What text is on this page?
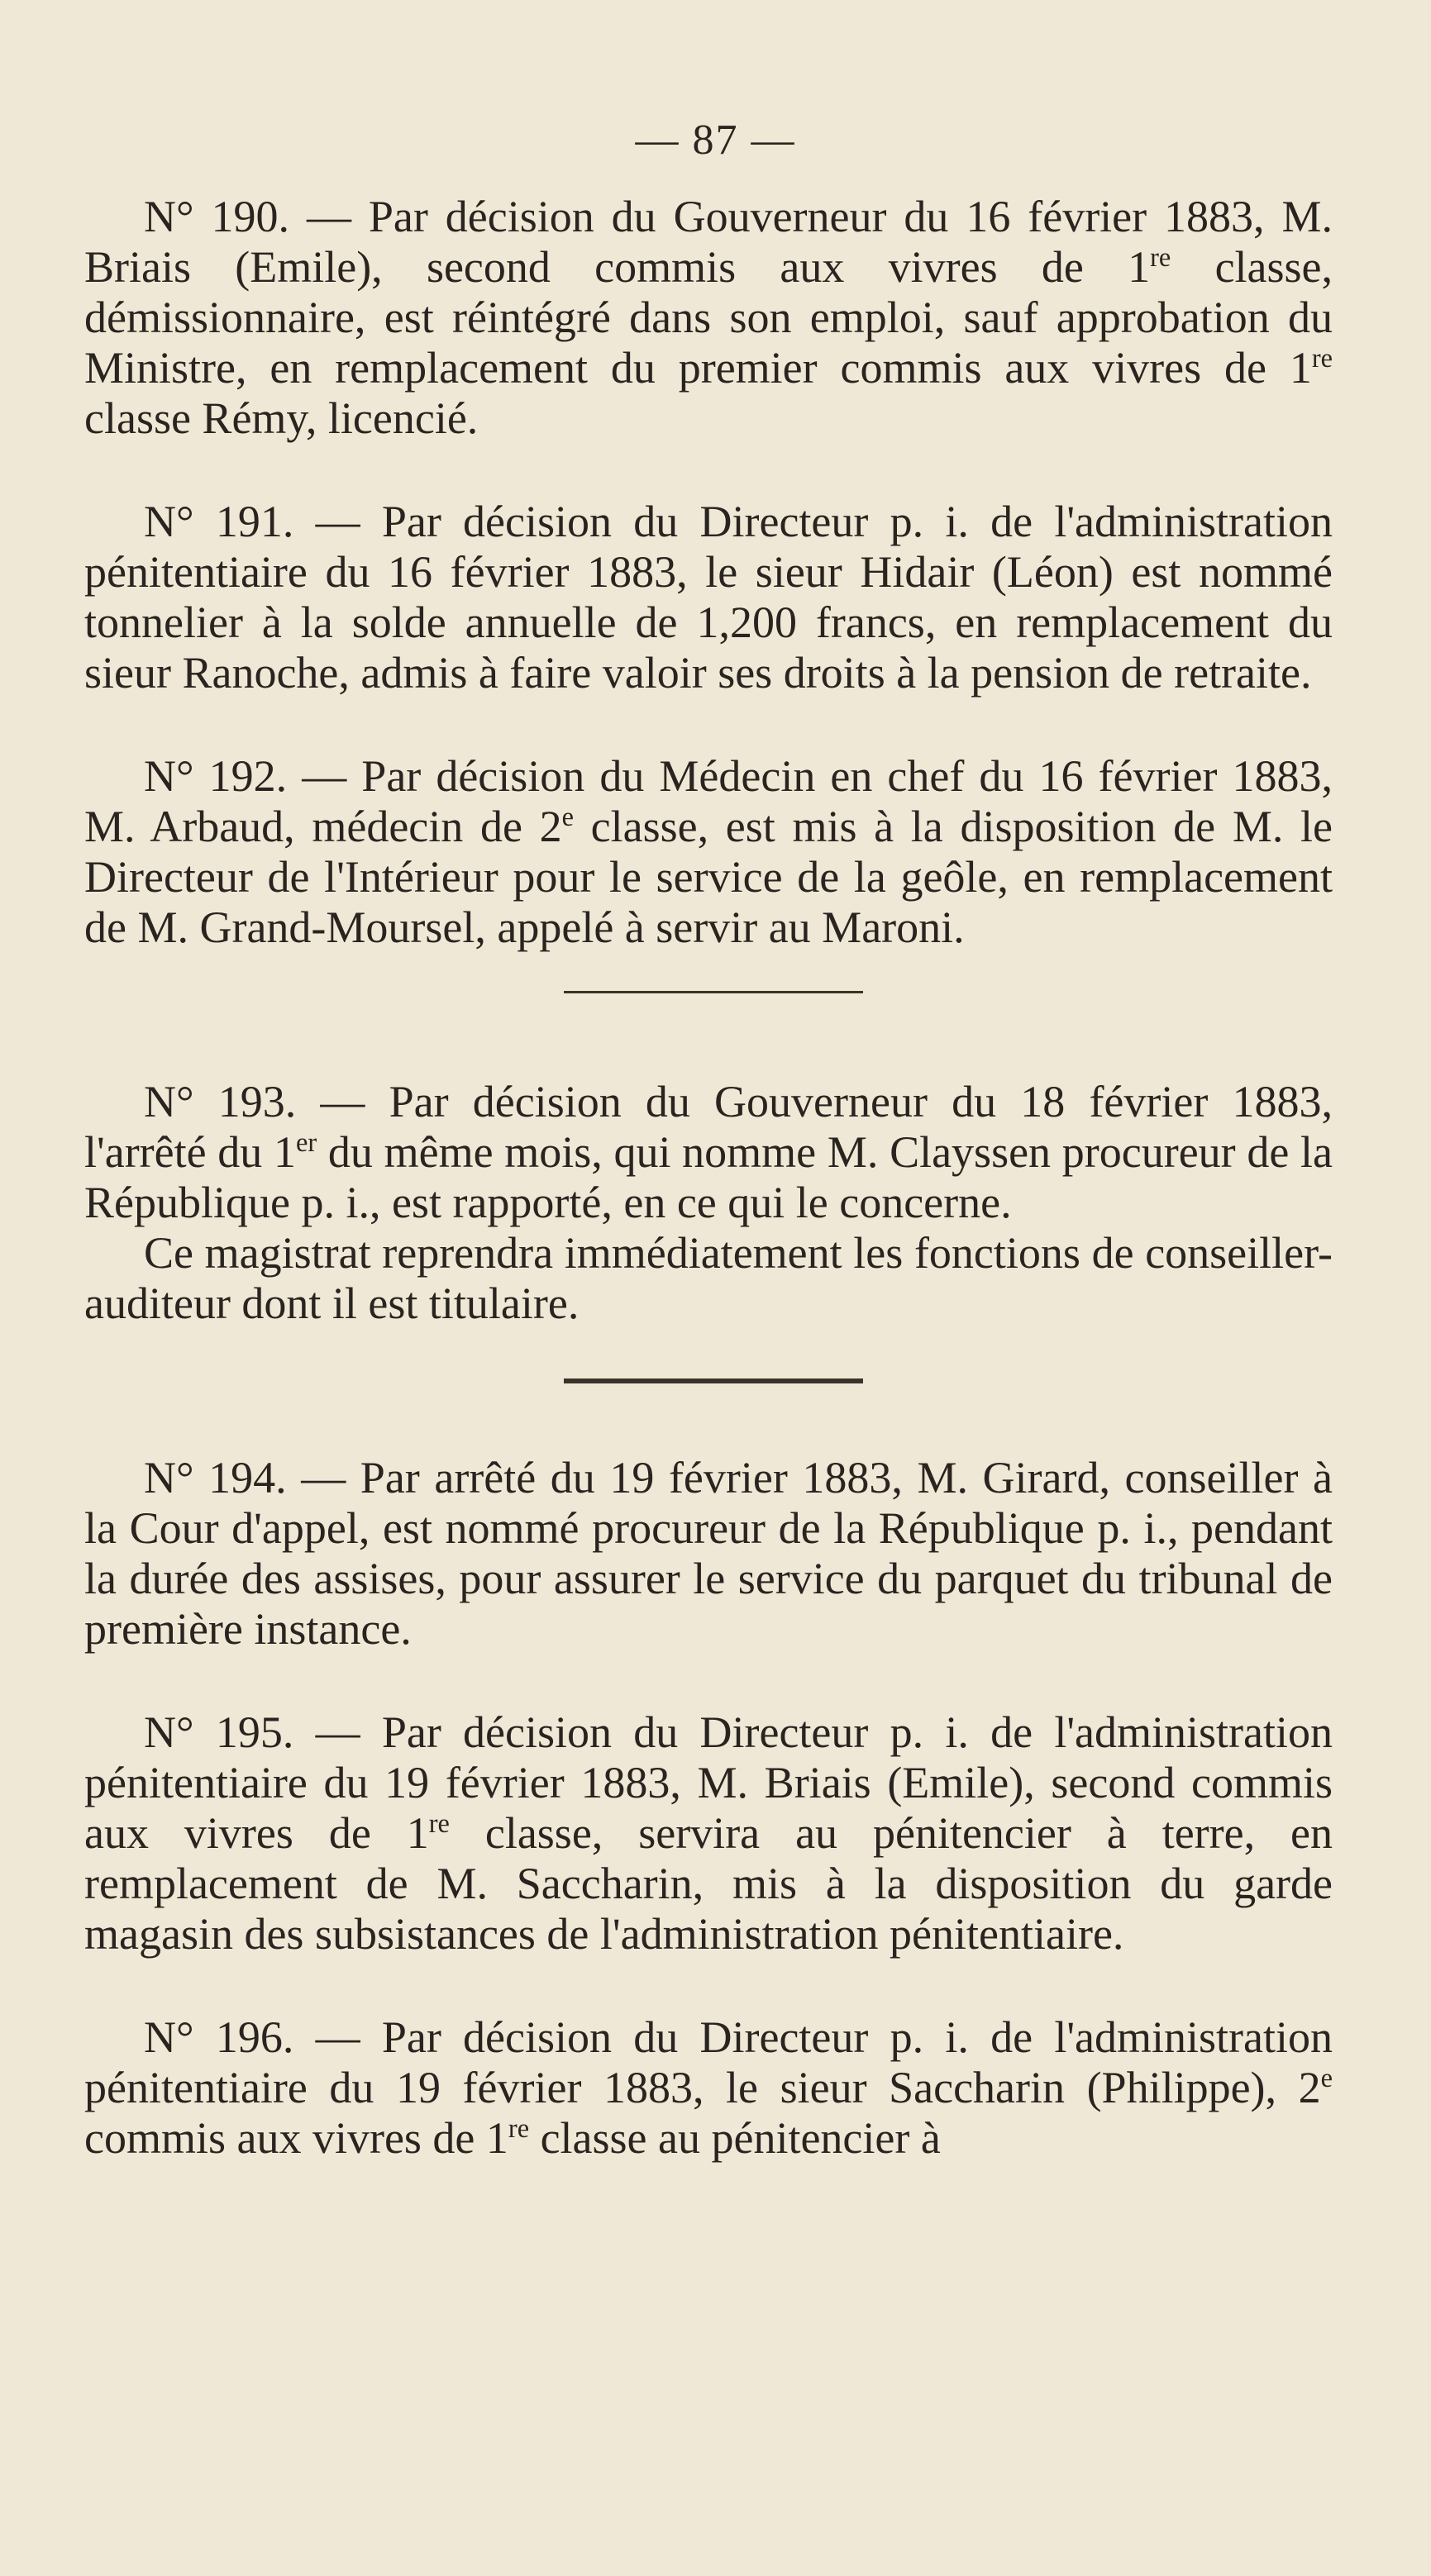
— 87 —

N° 190. — Par décision du Gouverneur du 16 février 1883, M. Briais (Emile), second commis aux vivres de 1re classe, démissionnaire, est réintégré dans son emploi, sauf approbation du Ministre, en remplacement du premier commis aux vivres de 1re classe Rémy, licencié.

N° 191. — Par décision du Directeur p. i. de l'administration pénitentiaire du 16 février 1883, le sieur Hidair (Léon) est nommé tonnelier à la solde annuelle de 1,200 francs, en remplacement du sieur Ranoche, admis à faire valoir ses droits à la pension de retraite.

N° 192. — Par décision du Médecin en chef du 16 février 1883, M. Arbaud, médecin de 2e classe, est mis à la disposition de M. le Directeur de l'Intérieur pour le service de la geôle, en remplacement de M. Grand-Moursel, appelé à servir au Maroni.

N° 193. — Par décision du Gouverneur du 18 février 1883, l'arrêté du 1er du même mois, qui nomme M. Clayssen procureur de la République p. i., est rapporté, en ce qui le concerne.

Ce magistrat reprendra immédiatement les fonctions de conseiller-auditeur dont il est titulaire.

N° 194. — Par arrêté du 19 février 1883, M. Girard, conseiller à la Cour d'appel, est nommé procureur de la République p. i., pendant la durée des assises, pour assurer le service du parquet du tribunal de première instance.

N° 195. — Par décision du Directeur p. i. de l'administration pénitentiaire du 19 février 1883, M. Briais (Emile), second commis aux vivres de 1re classe, servira au pénitencier à terre, en remplacement de M. Saccharin, mis à la disposition du garde magasin des subsistances de l'administration pénitentiaire.

N° 196. — Par décision du Directeur p. i. de l'administration pénitentiaire du 19 février 1883, le sieur Saccharin (Philippe), 2e commis aux vivres de 1re classe au pénitencier à
